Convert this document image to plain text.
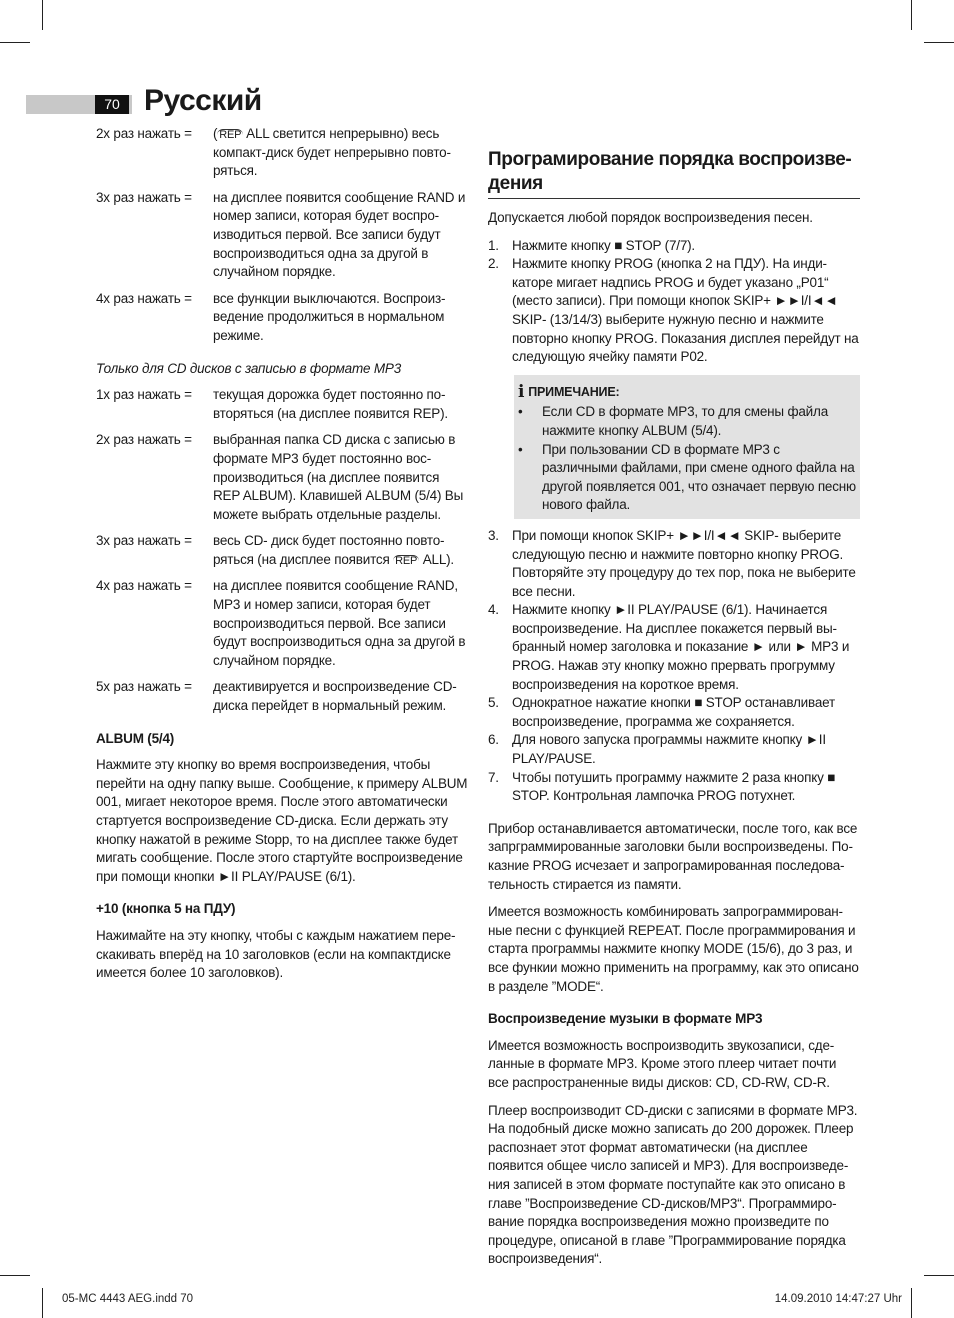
70 Русский
2x раз нажать =	( REP ALL светится непрерывно) весь компакт-диск будет непрерывно повто-ряться.
3x раз нажать =	на дисплее появится сообщение RAND и номер записи, которая будет воспро-изводиться первой. Все записи будут воспроизводиться одна за другой в случайном порядке.
4x раз нажать =	все функции выключаются. Воспроиз-ведение продолжиться в нормальном режиме.
Только для CD дисков с записью в формате MP3
1x раз нажать =	текущая дорожка будет постоянно по-вторяться (на дисплее появится REP).
2x раз нажать =	выбранная папка CD диска с записью в формате MP3 будет постоянно вос-производиться (на дисплее появится REP ALBUM). Клавишей ALBUM (5/4) Вы можете выбрать отдельные разделы.
3x раз нажать =	весь CD- диск будет постоянно повто-ряться (на дисплее появится REP ALL).
4x раз нажать =	на дисплее появится сообщение RAND, MP3 и номер записи, которая будет воспроизводиться первой. Все записи будут воспроизводиться одна за другой в случайном порядке.
5x раз нажать =	деактивируется и воспроизведение CD-диска перейдет в нормальный режим.
ALBUM (5/4)

Нажмите эту кнопку во время воспроизведения, чтобы перейти на одну папку выше. Сообщение, к примеру ALBUM 001, мигает некоторое время. После этого автоматически стартуется воспроизведение CD-диска. Если держать эту кнопку нажатой в режиме Stopp, то на дисплее также будет мигать сообщение. После этого стартуйте воспроизведение при помощи кнопки ►II PLAY/PAUSE (6/1).

+10 (кнопка 5 на ПДУ)

Нажимайте на эту кнопку, чтобы с каждым нажатием пере-скакивать вперёд на 10 заголовков (если на компактдиске имеется более 10 заголовков).

Програмирование порядка воспроизве-дения

Допускается любой порядок воспроизведения песен.

1. Нажмите кнопку ■ STOP (7/7).
2. Нажмите кнопку PROG (кнопка 2 на ПДУ). На инди-каторе мигает надпись PROG и будет указано „P01“ (место записи). При помощи кнопок SKIP+ ►►I/I◄◄ SKIP- (13/14/3) выберите нужную песню и нажмите повторно кнопку PROG. Показания дисплея перейдут на следующую ячейку памяти P02.
i ПРИМЕЧАНИЕ:
•	Если CD в формате MP3, то для смены файла нажмите кнопку ALBUM (5/4).
•	При пользовании CD в формате MP3 с различными файлами, при смене одного файла на другой появляется 001, что означает первую песню нового файла.
3. При помощи кнопок SKIP+ ►►I/I◄◄ SKIP- выберите следующую песню и нажмите повторно кнопку PROG. Повторяйте эту процедуру до тех пор, пока не выберите все песни.
4. Нажмите кнопку ►II PLAY/PAUSE (6/1). Начинается воспроизведение. На дисплее покажется первый вы-бранный номер заголовка и показание ► или ► MP3 и PROG. Нажав эту кнопку можно прервать прогрумму воспроизведения на короткое время.
5. Однократное нажатие кнопки ■ STOP останавливает воспроизведение, программа же сохраняется.
6. Для нового запуска программы нажмите кнопку ►II PLAY/PAUSE.
7. Чтобы потушить программу нажмите 2 раза кнопку ■ STOP. Контрольная лампочка PROG потухнет.

Прибор останавливается автоматически, после того, как все запрграммированные заголовки были воспроизведены. По-казние PROG исчезает и запрограмированная последова-тельность стирается из памяти.

Имеется возможность комбинировать запрограммирован-ные песни с функцией REPEAT. После программирования и старта программы нажмите кнопку MODE (15/6), до 3 раз, и все функии можно применить на программу, как это описано в разделе ”MODE“.

Воспроизведение музыки в формате MP3

Имеется возможность воспроизводить звукозаписи, сде-ланные в формате MP3. Кроме этого плеер читает почти все распространенные виды дисков: CD, CD-RW, CD-R.

Плеер воспроизводит CD-диски с записями в формате MP3. На подобный диске можно записать до 200 дорожек. Плеер распознает этот формат автоматически (на дисплее появится общее число записей и MP3). Для воспроизведе-ния записей в этом формате поступайте как это описано в главе ”Воспроизведение CD-дисков/MP3“. Программиро-вание порядка воспроизведения можно произведите по процедуре, описаной в главе ”Программирование порядка воспроизведения“.

05-MC 4443 AEG.indd 70	14.09.2010 14:47:27 Uhr
